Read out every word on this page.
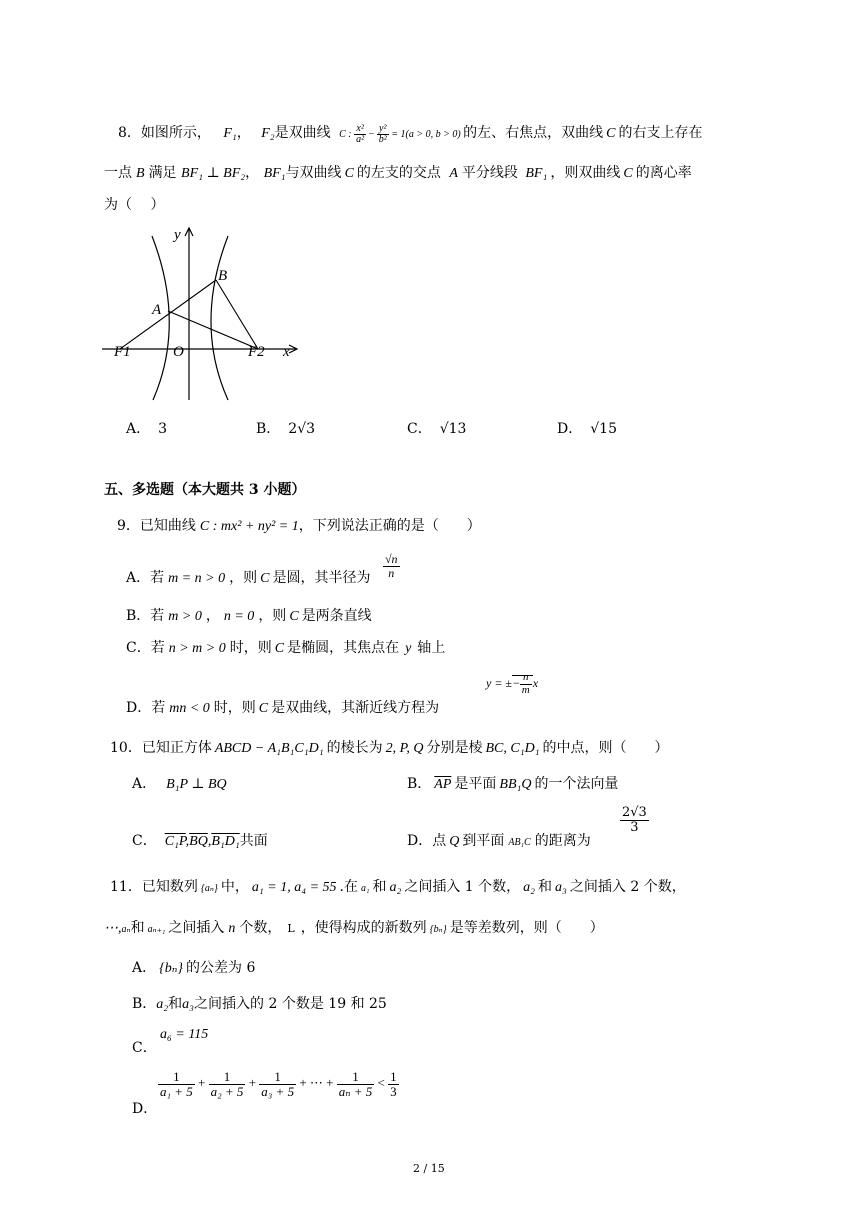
8．如图所示， F₁， F₂是双曲线 C : $\frac{\text{x²}}{\text{a²}} - \frac{\text{y²}}{\text{b²}} = 1(a > 0$, b > 0) 的左、右焦点，双曲线 C 的右支上存在
一点 B 满足 BF₁ ⊥ BF₂， BF₁与双曲线 C 的左支的交点 A 平分线段 BF₁ ，则双曲线 C 的离心率
为（　 ）
y
B
A
F1	O	F2 x
A． 3	B． 2√3	C． √13	D． √15
五、多选题（本大题共 3 小题）
9．已知曲线 C : mx² + ny² = 1，下列说法正确的是（　　）
A．若 m = n > 0 ，则 C 是圆，其半径为 $\frac{√n}{n}$
B．若 m > 0 ， n = 0 ，则 C 是两条直线
C．若 n > m > 0 时，则 C 是椭圆，其焦点在 y 轴上
D．若 mn < 0 时，则 C 是双曲线，其渐近线方程为
y = ±− $\frac{n}{m}$ x
10．已知正方体 ABCD − A₁B₁C₁D₁ 的棱长为 2, P, Q 分别是棱 BC, C₁D₁ 的中点，则（　　）
A． B₁P ⊥ BQ	B． $\overline{AP}$ 是平面 BB₁Q 的一个法向量
C． $C_1P,\overline{BQ},B_1D_1$共面	D．点 Q 到平面 AB₁C 的距离为
$\frac{2√3}{3}$
11．已知数列 {aₙ} 中， a₁ = 1, a₄ = 55 .在 a₁ 和 a₂ 之间插入 1 个数， a₂ 和 a₃ 之间插入 2 个数，
⋯,aₙ和 aₙ₊₁ 之间插入 n 个数， L ，使得构成的新数列 {bₙ} 是等差数列，则（　　）
A． {bₙ} 的公差为 6
B．a₂和a₃之间插入的 2 个数是 19 和 25
C．
a₆ = 115
D．
$\frac{1}{\text{a₁ + 5}} + \frac{1}{\text{a₂ + 5}} + \frac{1}{\text{a₃ + 5}}$ + ⋯ + $\frac{1}{\text{aₙ + 5}} < \frac{1}{3}$
2 / 15
